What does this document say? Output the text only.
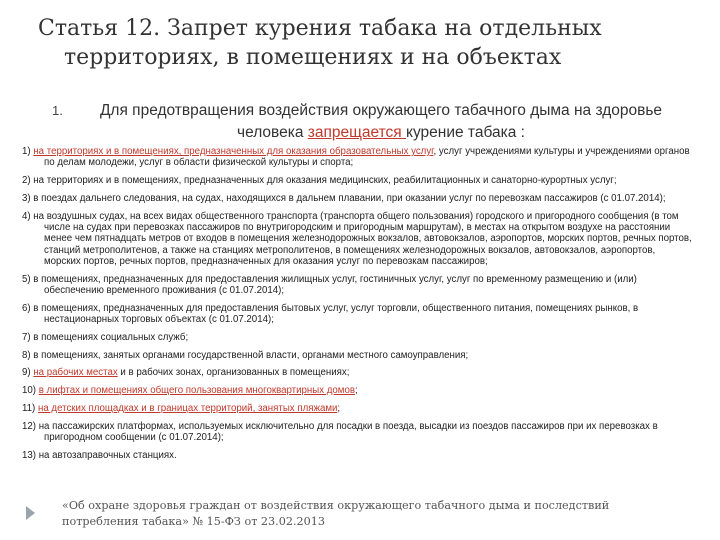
Статья 12. Запрет курения табака на отдельных
территориях, в помещениях и на объектах
1.	Для предотвращения воздействия окружающего табачного дыма на здоровье человека запрещается курение табака :
1) на территориях и в помещениях, предназначенных для оказания образовательных услуг, услуг учреждениями культуры и учреждениями органов по делам молодежи, услуг в области физической культуры и спорта;
2) на территориях и в помещениях, предназначенных для оказания медицинских, реабилитационных и санаторно-курортных услуг;
3) в поездах дальнего следования, на судах, находящихся в дальнем плавании, при оказании услуг по перевозкам пассажиров (с 01.07.2014);
4) на воздушных судах, на всех видах общественного транспорта (транспорта общего пользования) городского и пригородного сообщения (в том числе на судах при перевозках пассажиров по внутригородским и пригородным маршрутам), в местах на открытом воздухе на расстоянии менее чем пятнадцать метров от входов в помещения железнодорожных вокзалов, автовокзалов, аэропортов, морских портов, речных портов, станций метрополитенов, а также на станциях метрополитенов, в помещениях железнодорожных вокзалов, автовокзалов, аэропортов, морских портов, речных портов, предназначенных для оказания услуг по перевозкам пассажиров;
5) в помещениях, предназначенных для предоставления жилищных услуг, гостиничных услуг, услуг по временному размещению и (или) обеспечению временного проживания (с 01.07.2014);
6) в помещениях, предназначенных для предоставления бытовых услуг, услуг торговли, общественного питания, помещениях рынков, в нестационарных торговых объектах (с 01.07.2014);
7) в помещениях социальных служб;
8) в помещениях, занятых органами государственной власти, органами местного самоуправления;
9) на рабочих местах и в рабочих зонах, организованных в помещениях;
10) в лифтах и помещениях общего пользования многоквартирных домов;
11) на детских площадках и в границах территорий, занятых пляжами;
12) на пассажирских платформах, используемых исключительно для посадки в поезда, высадки из поездов пассажиров при их перевозках в пригородном сообщении (с 01.07.2014);
13) на автозаправочных станциях.
«Об охране здоровья граждан от воздействия окружающего табачного дыма и последствий потребления табака» № 15-ФЗ от 23.02.2013
